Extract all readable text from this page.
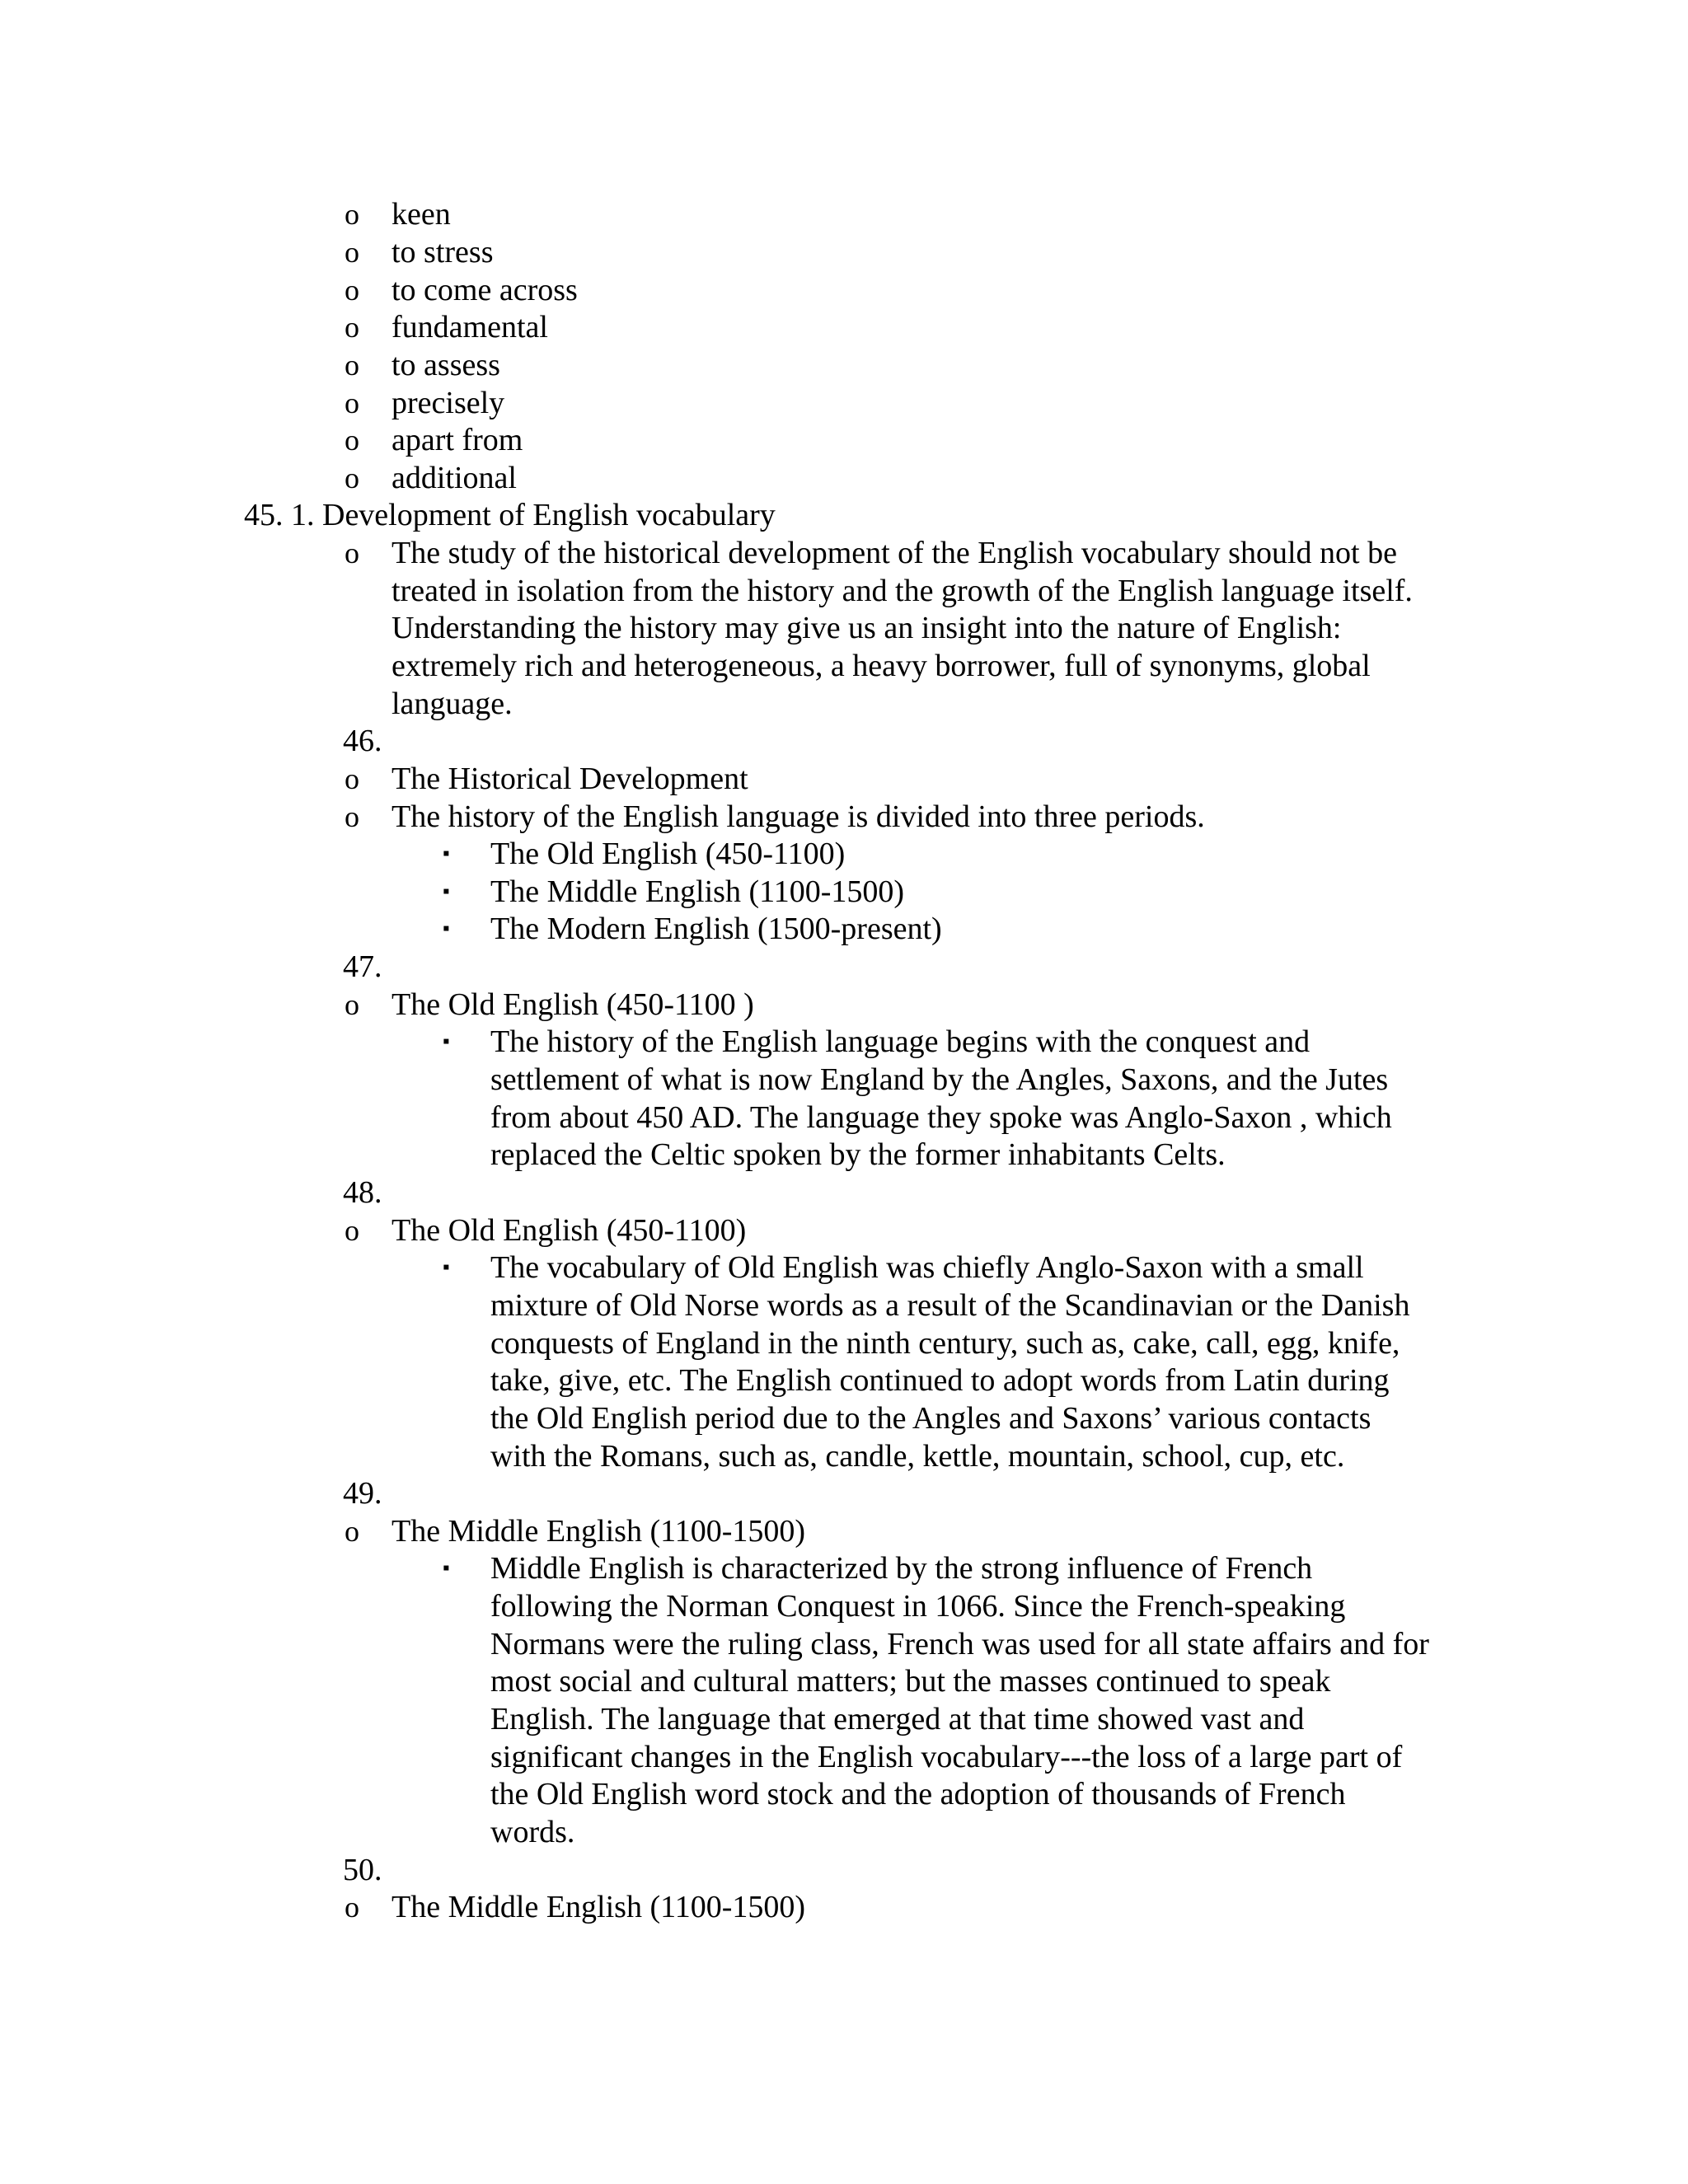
o keen
o to stress
o to come across
o fundamental
o to assess
o precisely
o apart from
o additional
45. 1. Development of English vocabulary
o The study of the historical development of the English vocabulary should not be
treated in isolation from the history and the growth of the English language itself.
Understanding the history may give us an insight into the nature of English:
extremely rich and heterogeneous, a heavy borrower, full of synonyms, global
language.
46.
o The Historical Development
o The history of the English language is divided into three periods.
▪ The Old English (450-1100)
▪ The Middle English (1100-1500)
▪ The Modern English (1500-present)
47.
o The Old English (450-1100 )
▪ The history of the English language begins with the conquest and
settlement of what is now England by the Angles, Saxons, and the Jutes
from about 450 AD. The language they spoke was Anglo-Saxon , which
replaced the Celtic spoken by the former inhabitants Celts.
48.
o The Old English (450-1100)
▪ The vocabulary of Old English was chiefly Anglo-Saxon with a small
mixture of Old Norse words as a result of the Scandinavian or the Danish
conquests of England in the ninth century, such as, cake, call, egg, knife,
take, give, etc. The English continued to adopt words from Latin during
the Old English period due to the Angles and Saxons’ various contacts
with the Romans, such as, candle, kettle, mountain, school, cup, etc.
49.
o The Middle English (1100-1500)
▪ Middle English is characterized by the strong influence of French
following the Norman Conquest in 1066. Since the French-speaking
Normans were the ruling class, French was used for all state affairs and for
most social and cultural matters; but the masses continued to speak
English. The language that emerged at that time showed vast and
significant changes in the English vocabulary---the loss of a large part of
the Old English word stock and the adoption of thousands of French
words.
50.
o The Middle English (1100-1500)
